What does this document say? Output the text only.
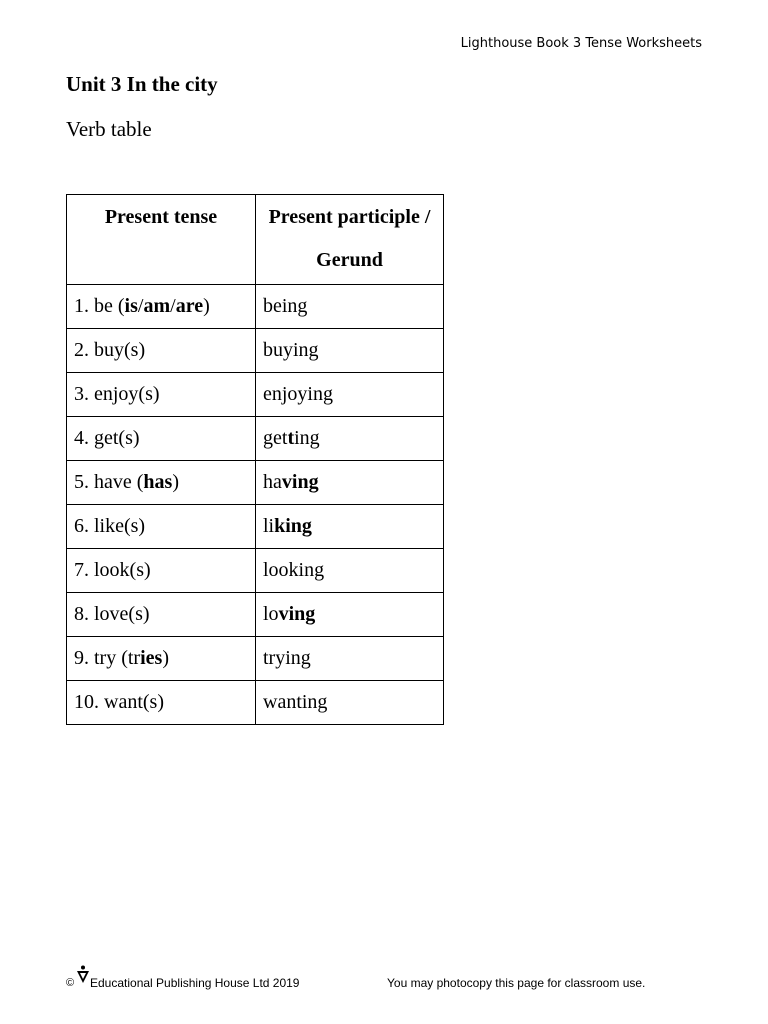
Lighthouse Book 3 Tense Worksheets
Unit 3 In the city
Verb table
Present tense	Present participle /
Gerund
1. be (is/am/are)	being
2. buy(s)	buying
3. enjoy(s)	enjoying
4. get(s)	getting
5. have (has)	having
6. like(s)	liking
7. look(s)	looking
8. love(s)	loving
9. try (tries)	trying
10. want(s)	wanting
© Educational Publishing House Ltd 2019	You may photocopy this page for classroom use.
